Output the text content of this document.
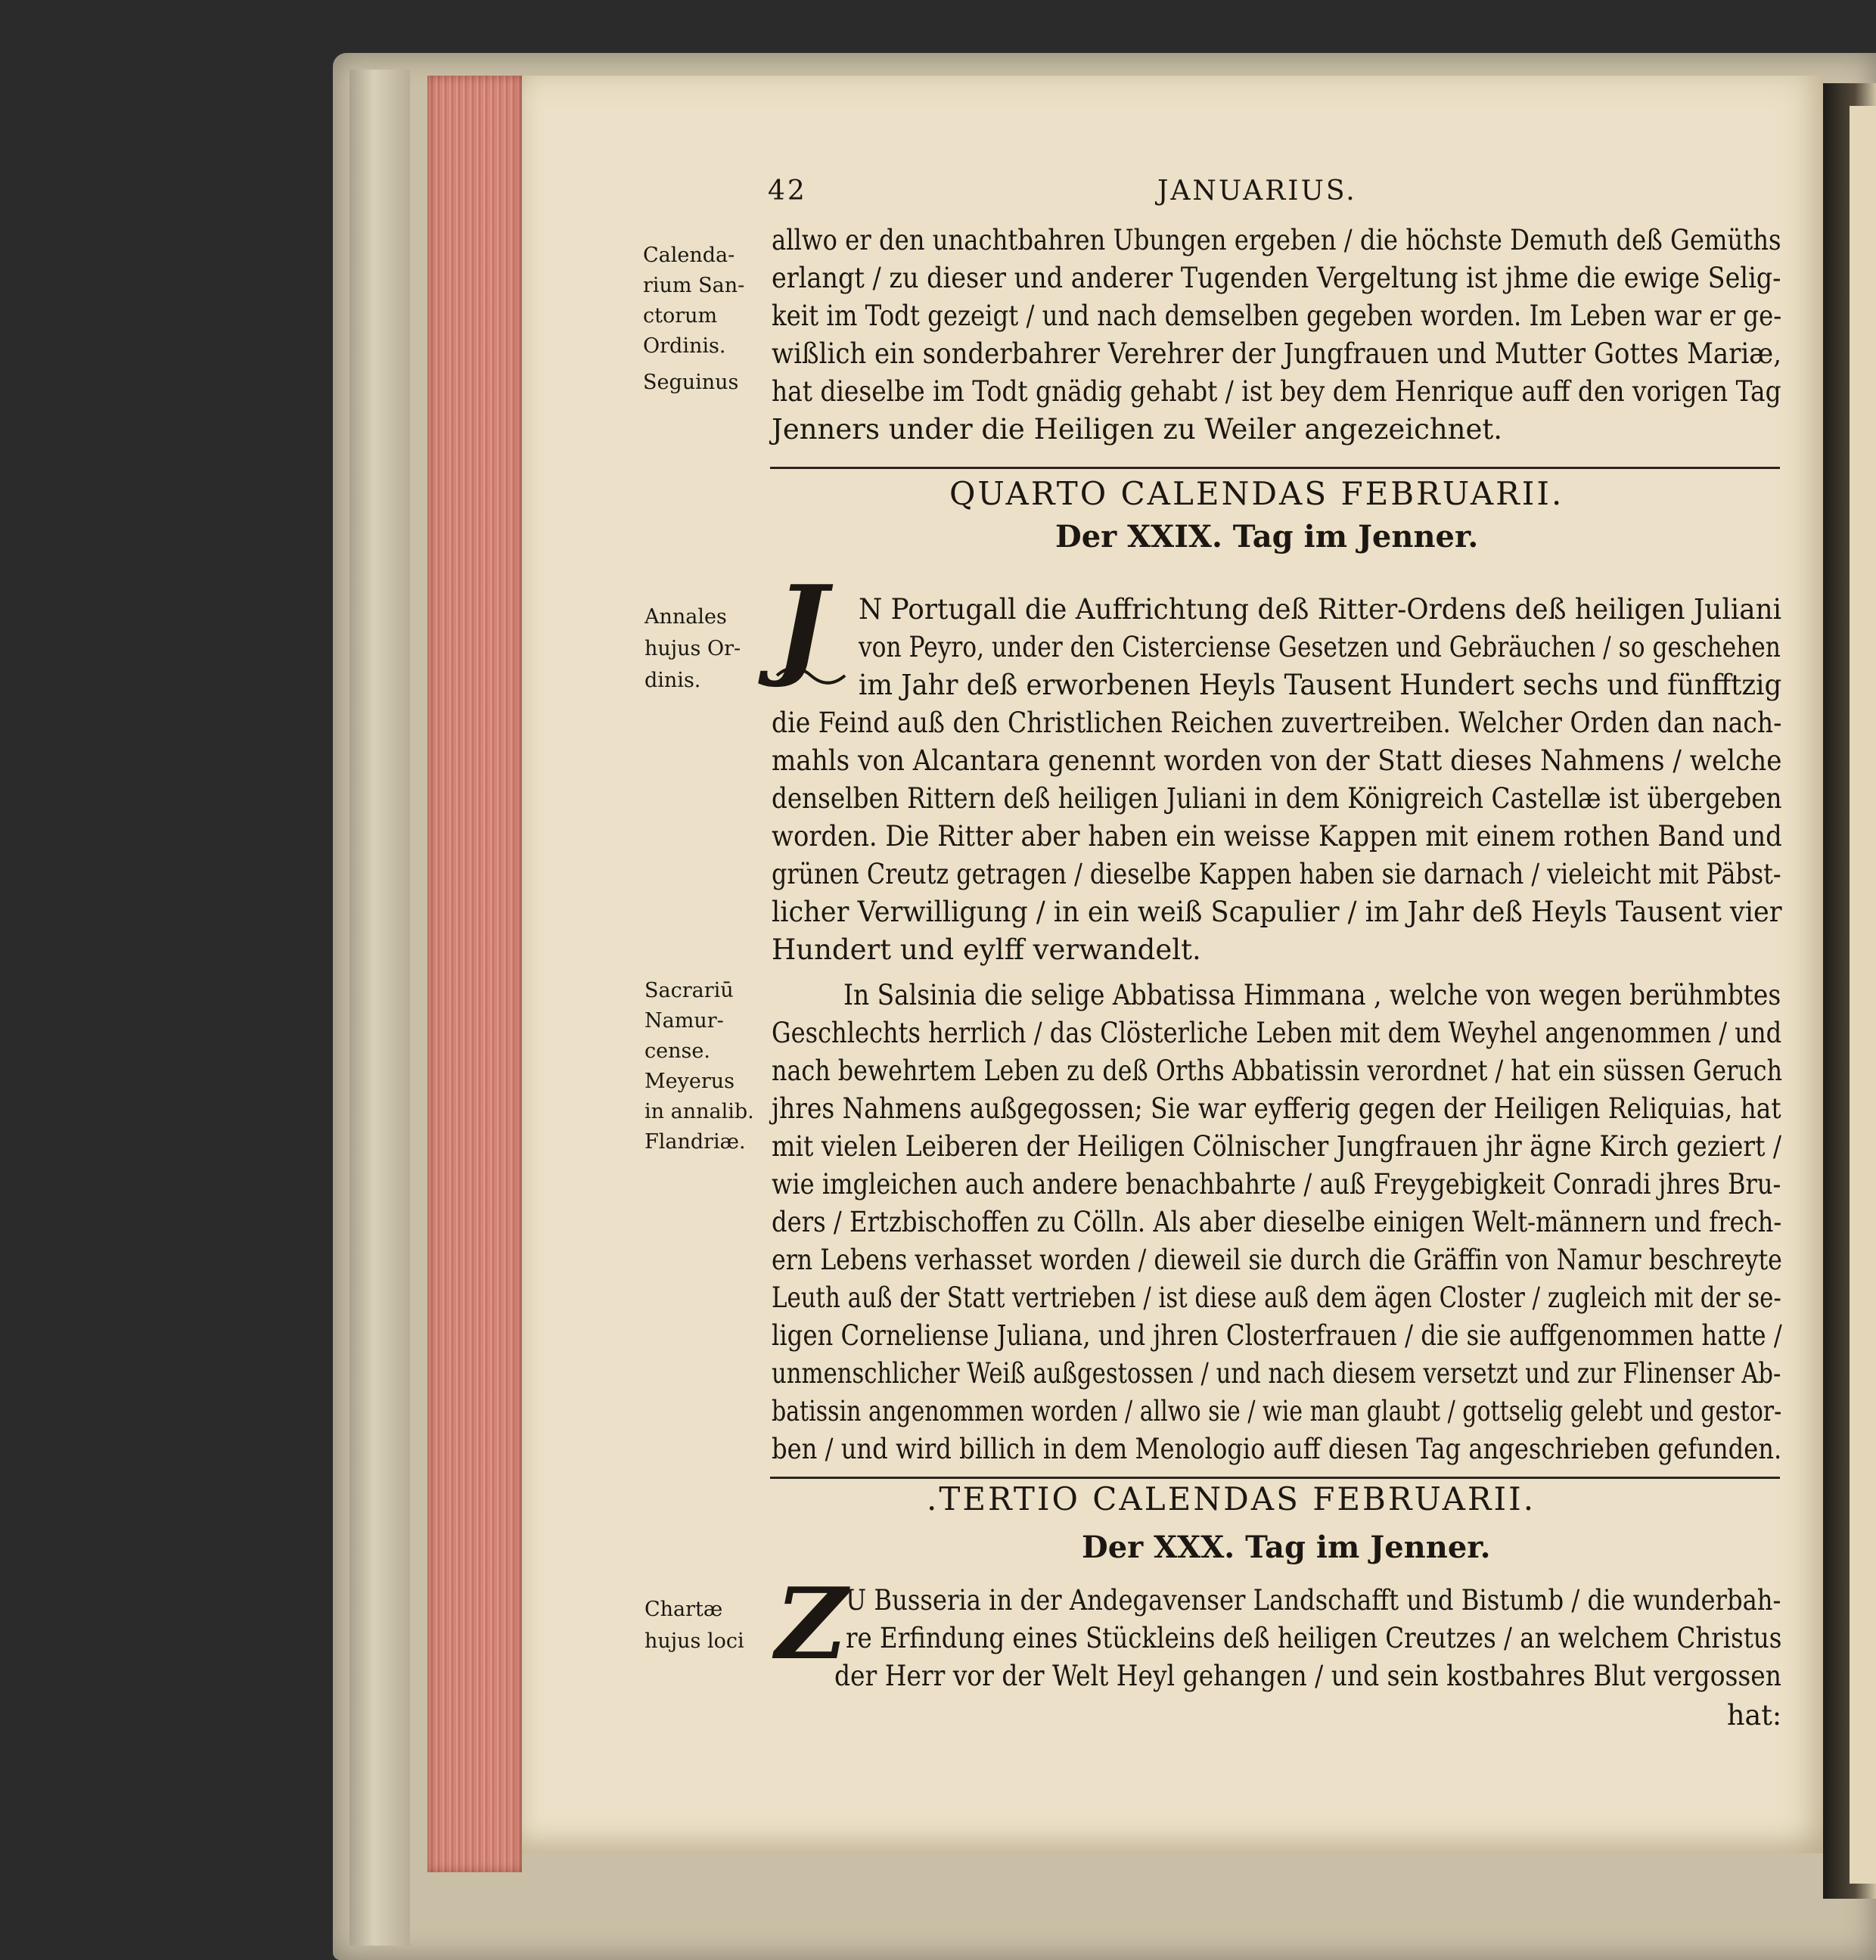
42	JANUARIUS.

allwo er den unachtbahren Ubungen ergeben / die höchste Demuth deß Gemüths

erlangt / zu dieser und anderer Tugenden Vergeltung ist jhme die ewige Selig-

keit im Todt gezeigt / und nach demselben gegeben worden. Im Leben war er ge-

wißlich ein sonderbahrer Verehrer der Jungfrauen und Mutter Gottes Mariæ,

hat dieselbe im Todt gnädig gehabt / ist bey dem Henrique auff den vorigen Tag

Jenners under die Heiligen zu Weiler angezeichnet.

Calenda-

rium San-

ctorum

Ordinis.

Seguinus

QUARTO CALENDAS FEBRUARII.

Der XXIX. Tag im Jenner.

J N Portugall die Auffrichtung deß Ritter-Ordens deß heiligen Juliani

von Peyro, under den Cisterciense Gesetzen und Gebräuchen / so geschehen

im Jahr deß erworbenen Heyls Tausent Hundert sechs und fünfftzig

die Feind auß den Christlichen Reichen zuvertreiben. Welcher Orden dan nach-

mahls von Alcantara genennt worden von der Statt dieses Nahmens / welche

denselben Rittern deß heiligen Juliani in dem Königreich Castellæ ist übergeben

worden. Die Ritter aber haben ein weisse Kappen mit einem rothen Band und

grünen Creutz getragen / dieselbe Kappen haben sie darnach / vieleicht mit Päbst-

licher Verwilligung / in ein weiß Scapulier / im Jahr deß Heyls Tausent vier

Hundert und eylff verwandelt.

Annales

hujus Or-

dinis.

In Salsinia die selige Abbatissa Himmana , welche von wegen berühmbtes

Geschlechts herrlich / das Clösterliche Leben mit dem Weyhel angenommen / und

nach bewehrtem Leben zu deß Orths Abbatissin verordnet / hat ein süssen Geruch

jhres Nahmens außgegossen; Sie war eyfferig gegen der Heiligen Reliquias, hat

mit vielen Leiberen der Heiligen Cölnischer Jungfrauen jhr ägne Kirch geziert /

wie imgleichen auch andere benachbahrte / auß Freygebigkeit Conradi jhres Bru-

ders / Ertzbischoffen zu Cölln. Als aber dieselbe einigen Welt-männern und frech-

ern Lebens verhasset worden / dieweil sie durch die Gräffin von Namur beschreyte

Leuth auß der Statt vertrieben / ist diese auß dem ägen Closter / zugleich mit der se-

ligen Corneliense Juliana, und jhren Closterfrauen / die sie auffgenommen hatte /

unmenschlicher Weiß außgestossen / und nach diesem versetzt und zur Flinenser Ab-

batissin angenommen worden / allwo sie / wie man glaubt / gottselig gelebt und gestor-

ben / und wird billich in dem Menologio auff diesen Tag angeschrieben gefunden.

Sacrariū

Namur-

cense.

Meyerus

in annalib.

Flandriæ.

.TERTIO CALENDAS FEBRUARII.

Der XXX. Tag im Jenner.

Z

U Busseria in der Andegavenser Landschafft und Bistumb / die wunderbah-

re Erfindung eines Stückleins deß heiligen Creutzes / an welchem Christus

der Herr vor der Welt Heyl gehangen / und sein kostbahres Blut vergossen

hat:

Chartæ

hujus loci
